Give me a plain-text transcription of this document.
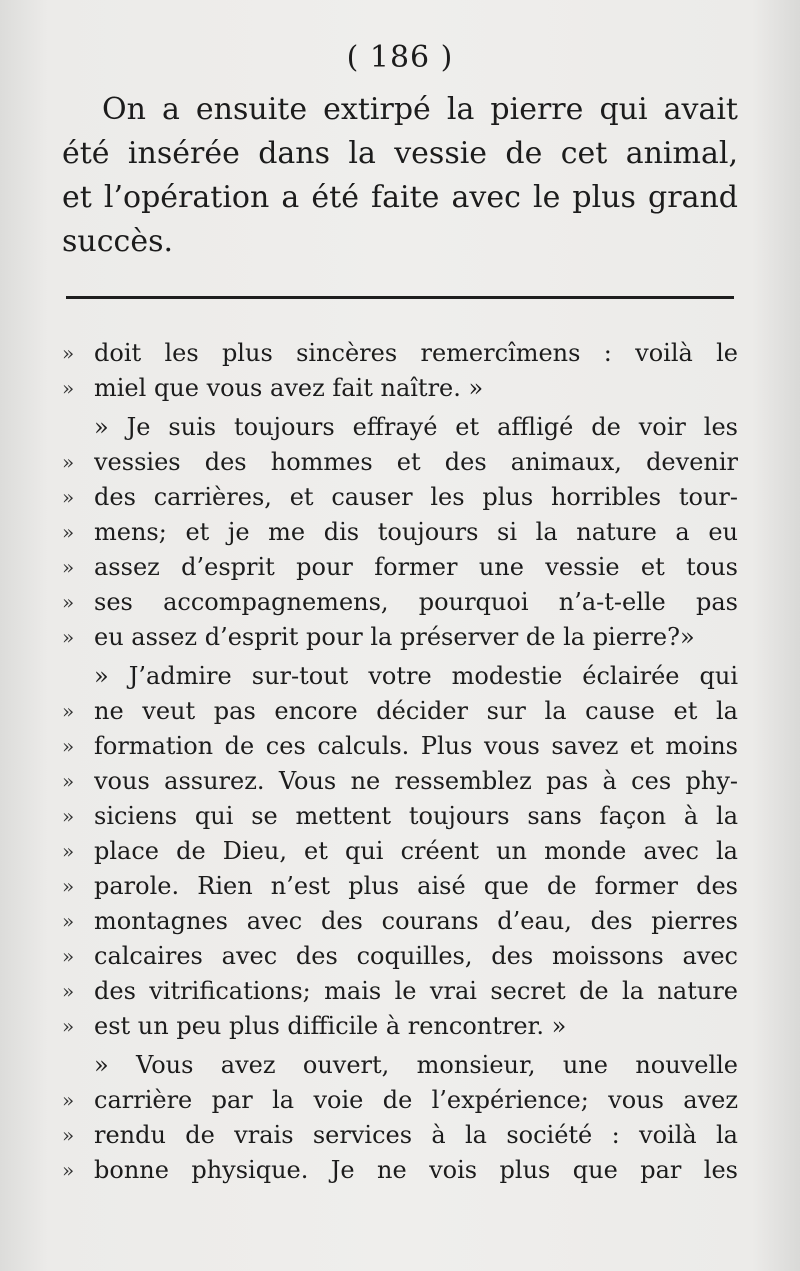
( 186 )
On a ensuite extirpé la pierre qui avait
été insérée dans la vessie de cet animal,
et l’opération a été faite avec le plus grand
succès.
» doit les plus sincères remercîmens : voilà le
» miel que vous avez fait naître. »
» Je suis toujours effrayé et affligé de voir les
» vessies des hommes et des animaux, devenir
» des carrières, et causer les plus horribles tour-
» mens; et je me dis toujours si la nature a eu
» assez d’esprit pour former une vessie et tous
» ses accompagnemens, pourquoi n’a-t-elle pas
» eu assez d’esprit pour la préserver de la pierre?»
» J’admire sur-tout votre modestie éclairée qui
» ne veut pas encore décider sur la cause et la
» formation de ces calculs. Plus vous savez et moins
» vous assurez. Vous ne ressemblez pas à ces phy-
» siciens qui se mettent toujours sans façon à la
» place de Dieu, et qui créent un monde avec la
» parole. Rien n’est plus aisé que de former des
» montagnes avec des courans d’eau, des pierres
» calcaires avec des coquilles, des moissons avec
» des vitrifications; mais le vrai secret de la nature
» est un peu plus difficile à rencontrer. »
» Vous avez ouvert, monsieur, une nouvelle
» carrière par la voie de l’expérience; vous avez
» rendu de vrais services à la société : voilà la
» bonne physique. Je ne vois plus que par les
